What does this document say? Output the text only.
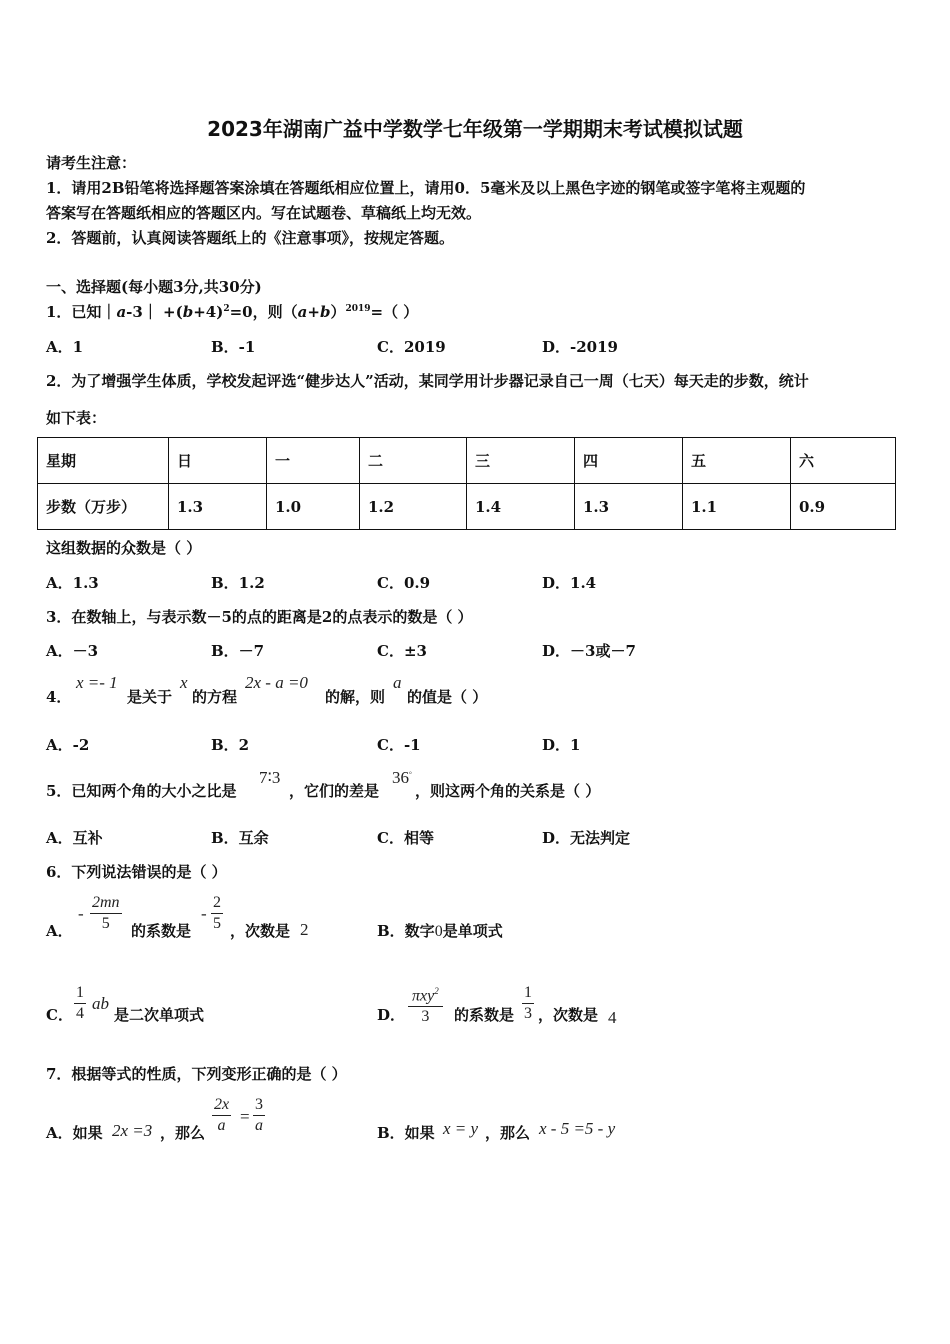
2023年湖南广益中学数学七年级第一学期期末考试模拟试题
请考生注意：
1．请用2B铅笔将选择题答案涂填在答题纸相应位置上，请用0．5毫米及以上黑色字迹的钢笔或签字笔将主观题的
答案写在答题纸相应的答题区内。写在试题卷、草稿纸上均无效。
2．答题前，认真阅读答题纸上的《注意事项》，按规定答题。
一、选择题(每小题3分,共30分)
1．已知｜a-3｜ $+(b+4)^2=0$，则$(a+b)^{2019}=$（ ）
A．1	B．-1	C．2019	D．-2019
2．为了增强学生体质，学校发起评选“健步达人”活动，某同学用计步器记录自己一周（七天）每天走的步数，统计
如下表：
星期	日	一	二	三	四	五	六
步数（万步）	1.3	1.0	1.2	1.4	1.3	1.1	0.9
这组数据的众数是（ ）
A．1.3	B．1.2	C．0.9	D．1.4
3．在数轴上，与表示数－5的点的距离是2的点表示的数是（ ）
A．－3	B．－7	C．±3	D．－3或－7
4．
x =- 1
是关于
x
的方程
2x - a =0
的解，则
a
的值是（ ）
A．-2	B．2	C．-1	D．1
5．已知两个角的大小之比是
7∶3
，它们的差是
36°
，则这两个角的关系是（ ）
A．互补	B．互余	C．相等	D．无法判定
6．下列说法错误的是（ ）
A．
- $\frac{2mn}{5}$ 的系数是
- $\frac{2}{5}$ ，次数是 2	B．数字0是单项式
C． $\frac{1}{4}$ ab
是二次单项式	D． $\frac{\pi xy^2}{3}$ 的系数是 $\frac{1}{3}$ ，次数是 4
7．根据等式的性质，下列变形正确的是（ ）
A．如果 2x =3 ，那么 $\frac{2x}{a} = \frac{3}{a}$	B．如果 x = y ，那么 x - 5 =5 - y
